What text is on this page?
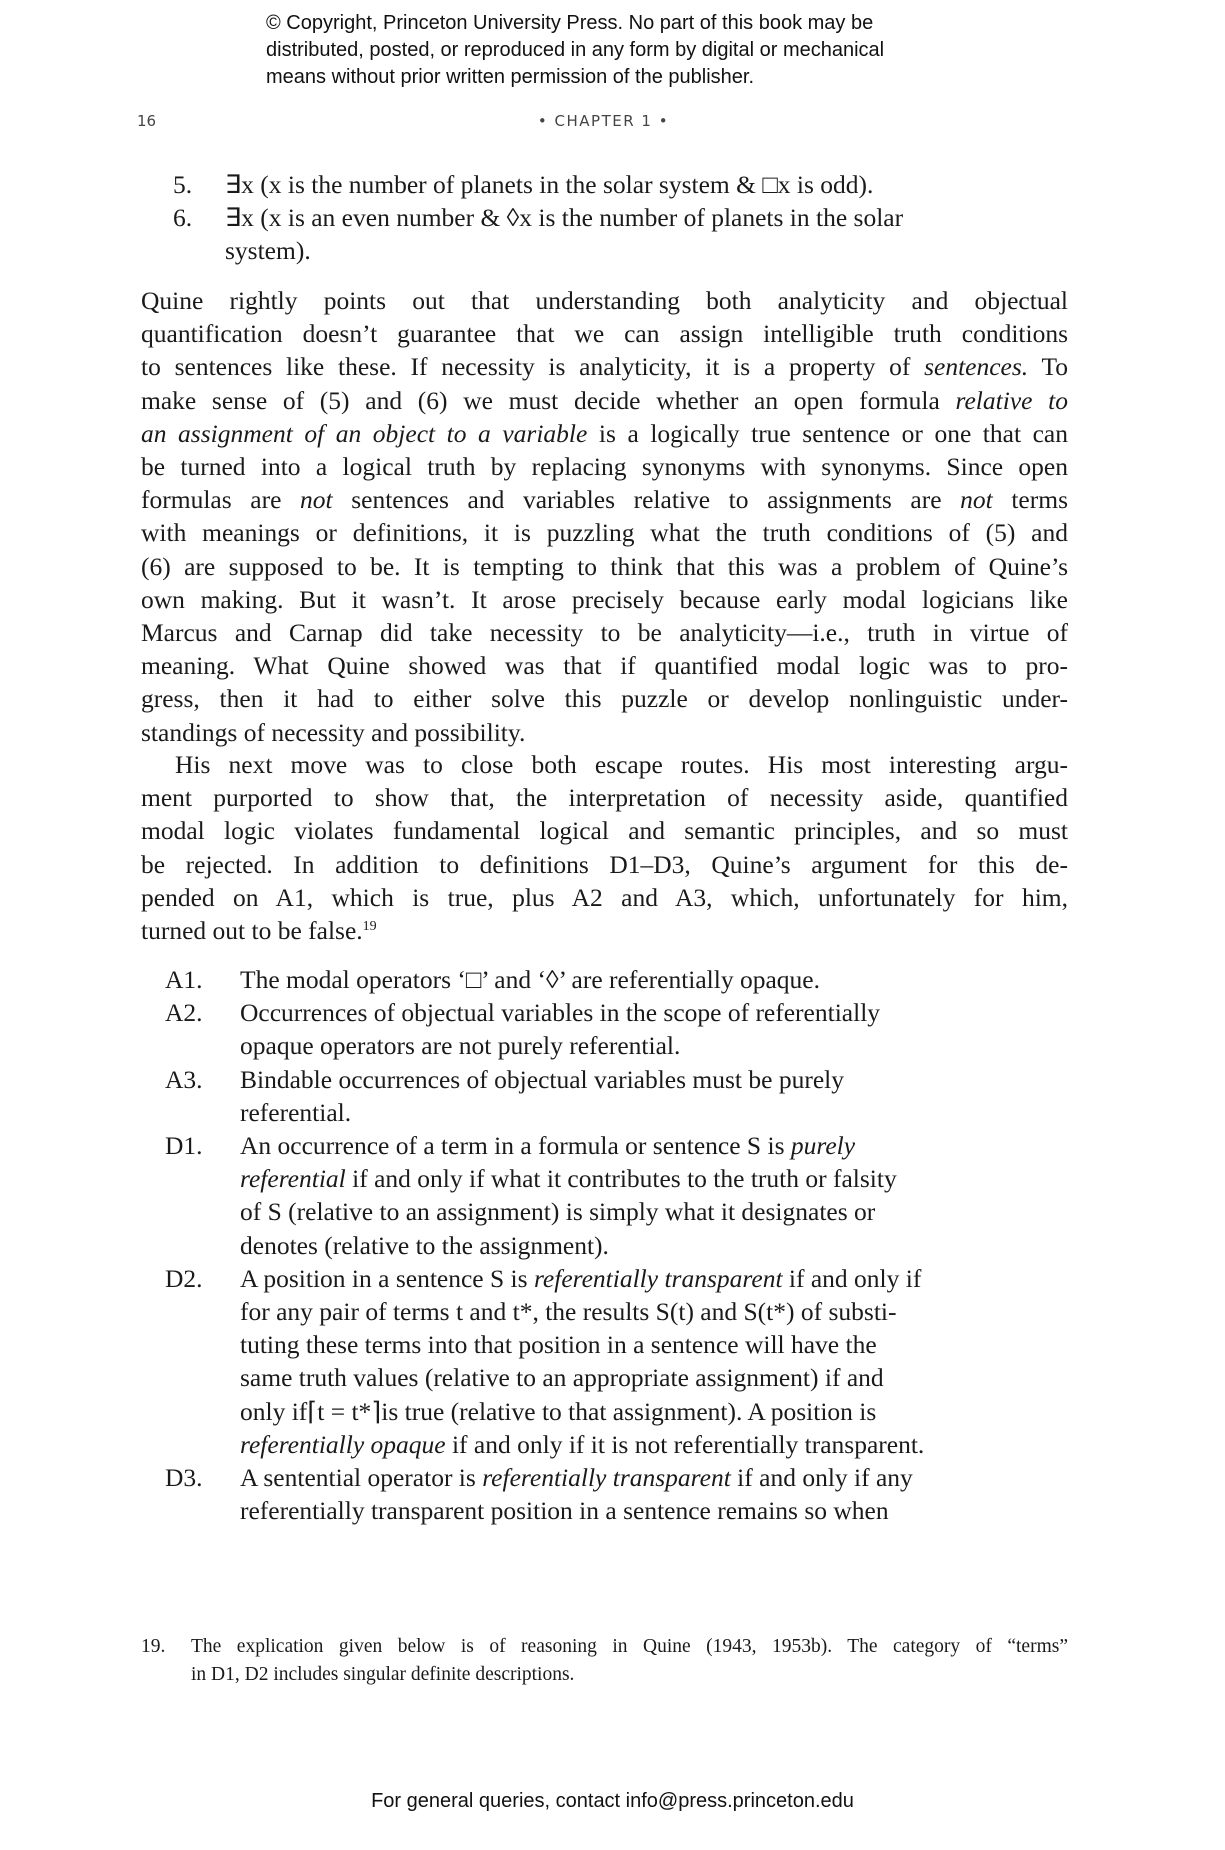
© Copyright, Princeton University Press. No part of this book may be
distributed, posted, or reproduced in any form by digital or mechanical
means without prior written permission of the publisher.
16	• CHAPTER 1 •
5.	∃x (x is the number of planets in the solar system & □x is odd).
6.	∃x (x is an even number & ◊x is the number of planets in the solar
system).
Quine rightly points out that understanding both analyticity and objectual
quantification doesn’t guarantee that we can assign intelligible truth conditions
to sentences like these. If necessity is analyticity, it is a property of sentences. To
make sense of (5) and (6) we must decide whether an open formula relative to
an assignment of an object to a variable is a logically true sentence or one that can
be turned into a logical truth by replacing synonyms with synonyms. Since open
formulas are not sentences and variables relative to assignments are not terms
with meanings or definitions, it is puzzling what the truth conditions of (5) and
(6) are supposed to be. It is tempting to think that this was a problem of Quine’s
own making. But it wasn’t. It arose precisely because early modal logicians like
Marcus and Carnap did take necessity to be analyticity—i.e., truth in virtue of
meaning. What Quine showed was that if quantified modal logic was to pro-
gress, then it had to either solve this puzzle or develop nonlinguistic under-
standings of necessity and possibility.
His next move was to close both escape routes. His most interesting argu-
ment purported to show that, the interpretation of necessity aside, quantified
modal logic violates fundamental logical and semantic principles, and so must
be rejected. In addition to definitions D1–D3, Quine’s argument for this de-
pended on A1, which is true, plus A2 and A3, which, unfortunately for him,
turned out to be false.$^{19}$
A1.	The modal operators ‘□’ and ‘◊’ are referentially opaque.
A2.	Occurrences of objectual variables in the scope of referentially
opaque operators are not purely referential.
A3.	Bindable occurrences of objectual variables must be purely
referential.
D1.	An occurrence of a term in a formula or sentence S is purely
referential if and only if what it contributes to the truth or falsity
of S (relative to an assignment) is simply what it designates or
denotes (relative to the assignment).
D2.	A position in a sentence S is referentially transparent if and only if
for any pair of terms t and t*, the results S(t) and S(t*) of substi-
tuting these terms into that position in a sentence will have the
same truth values (relative to an appropriate assignment) if and
only if⌈t = t*⌉is true (relative to that assignment). A position is
referentially opaque if and only if it is not referentially transparent.
D3.	A sentential operator is referentially transparent if and only if any
referentially transparent position in a sentence remains so when
19.	The explication given below is of reasoning in Quine (1943, 1953b). The category of “terms”
in D1, D2 includes singular definite descriptions.
For general queries, contact info@press.princeton.edu
